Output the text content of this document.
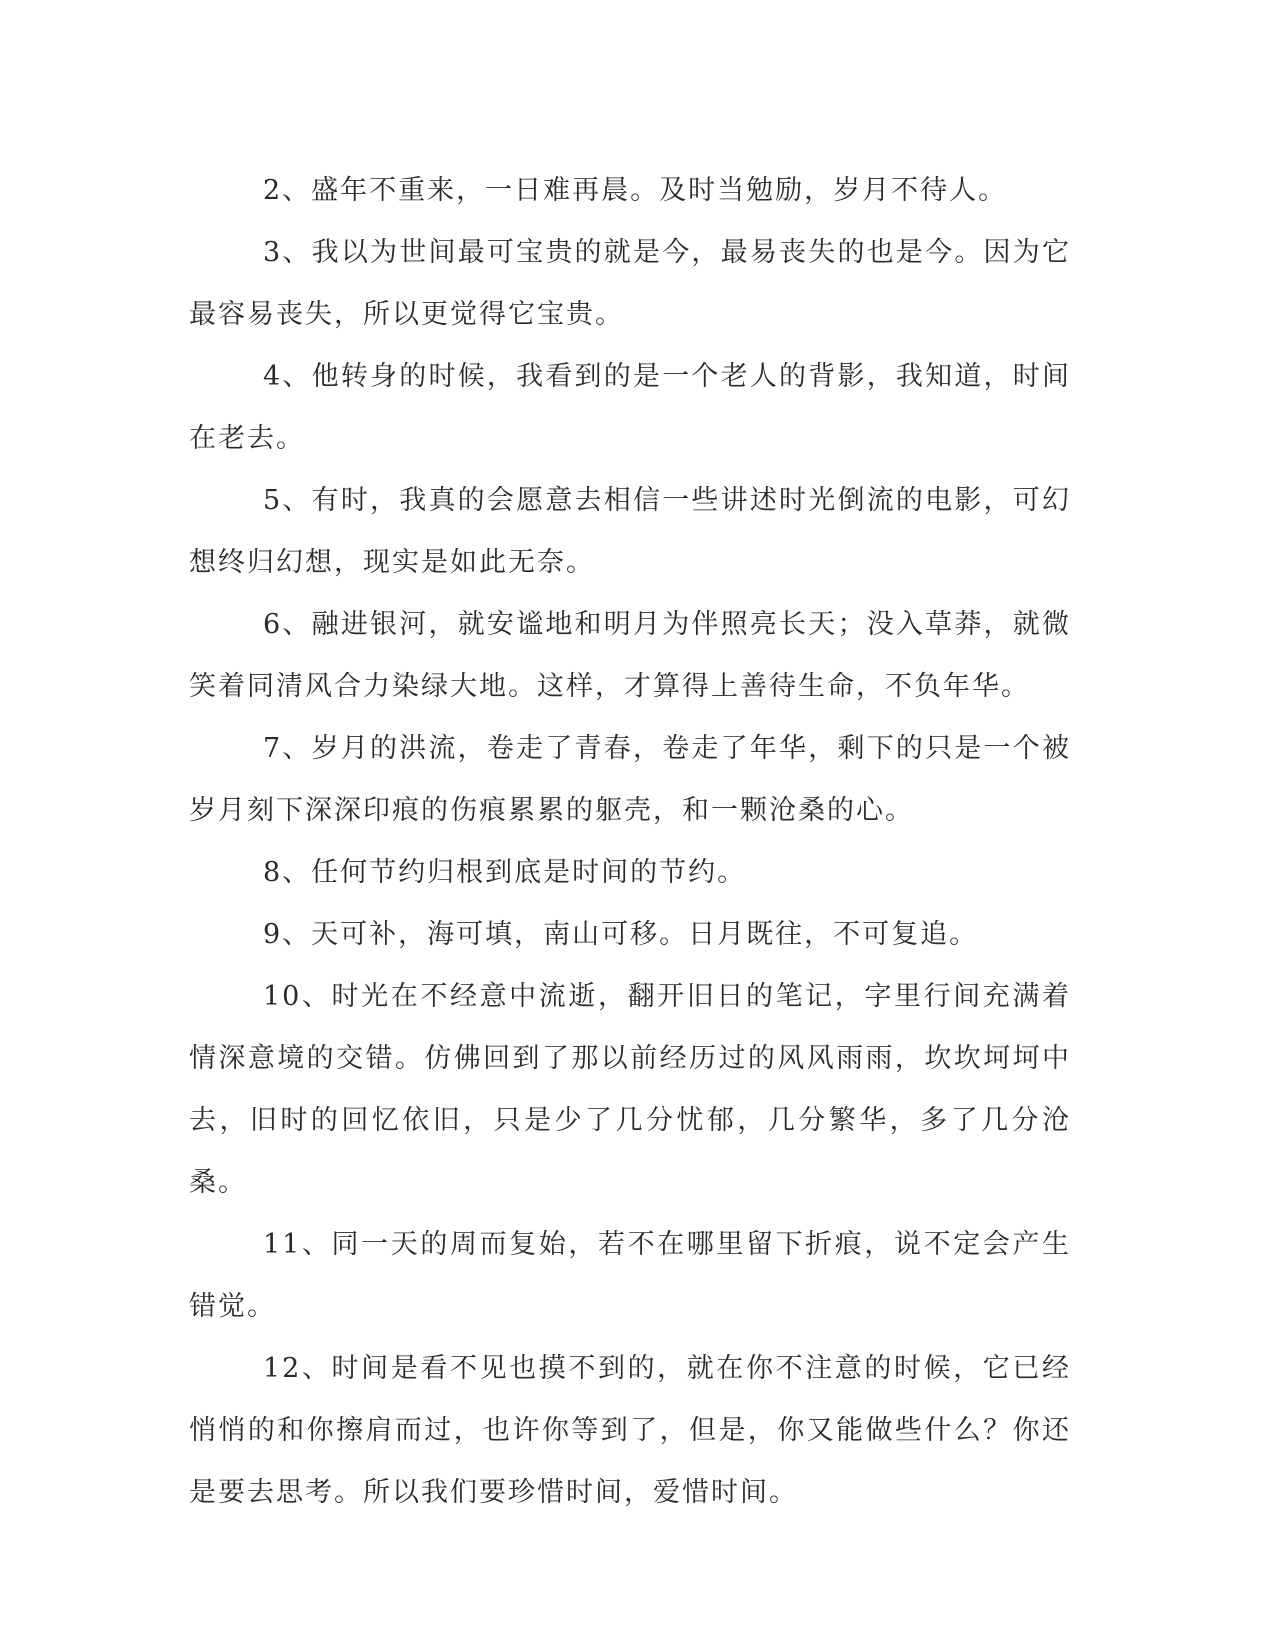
2、盛年不重来，一日难再晨。及时当勉励，岁月不待人。

3、我以为世间最可宝贵的就是今，最易丧失的也是今。因为它最容易丧失，所以更觉得它宝贵。

4、他转身的时候，我看到的是一个老人的背影，我知道，时间在老去。

5、有时，我真的会愿意去相信一些讲述时光倒流的电影，可幻想终归幻想，现实是如此无奈。

6、融进银河，就安谧地和明月为伴照亮长天；没入草莽，就微笑着同清风合力染绿大地。这样，才算得上善待生命，不负年华。

7、岁月的洪流，卷走了青春，卷走了年华，剩下的只是一个被岁月刻下深深印痕的伤痕累累的躯壳，和一颗沧桑的心。

8、任何节约归根到底是时间的节约。

9、天可补，海可填，南山可移。日月既往，不可复追。

10、时光在不经意中流逝，翻开旧日的笔记，字里行间充满着情深意境的交错。仿佛回到了那以前经历过的风风雨雨，坎坎坷坷中去，旧时的回忆依旧，只是少了几分忧郁，几分繁华，多了几分沧桑。

11、同一天的周而复始，若不在哪里留下折痕，说不定会产生错觉。

12、时间是看不见也摸不到的，就在你不注意的时候，它已经悄悄的和你擦肩而过，也许你等到了，但是，你又能做些什么？你还是要去思考。所以我们要珍惜时间，爱惜时间。
